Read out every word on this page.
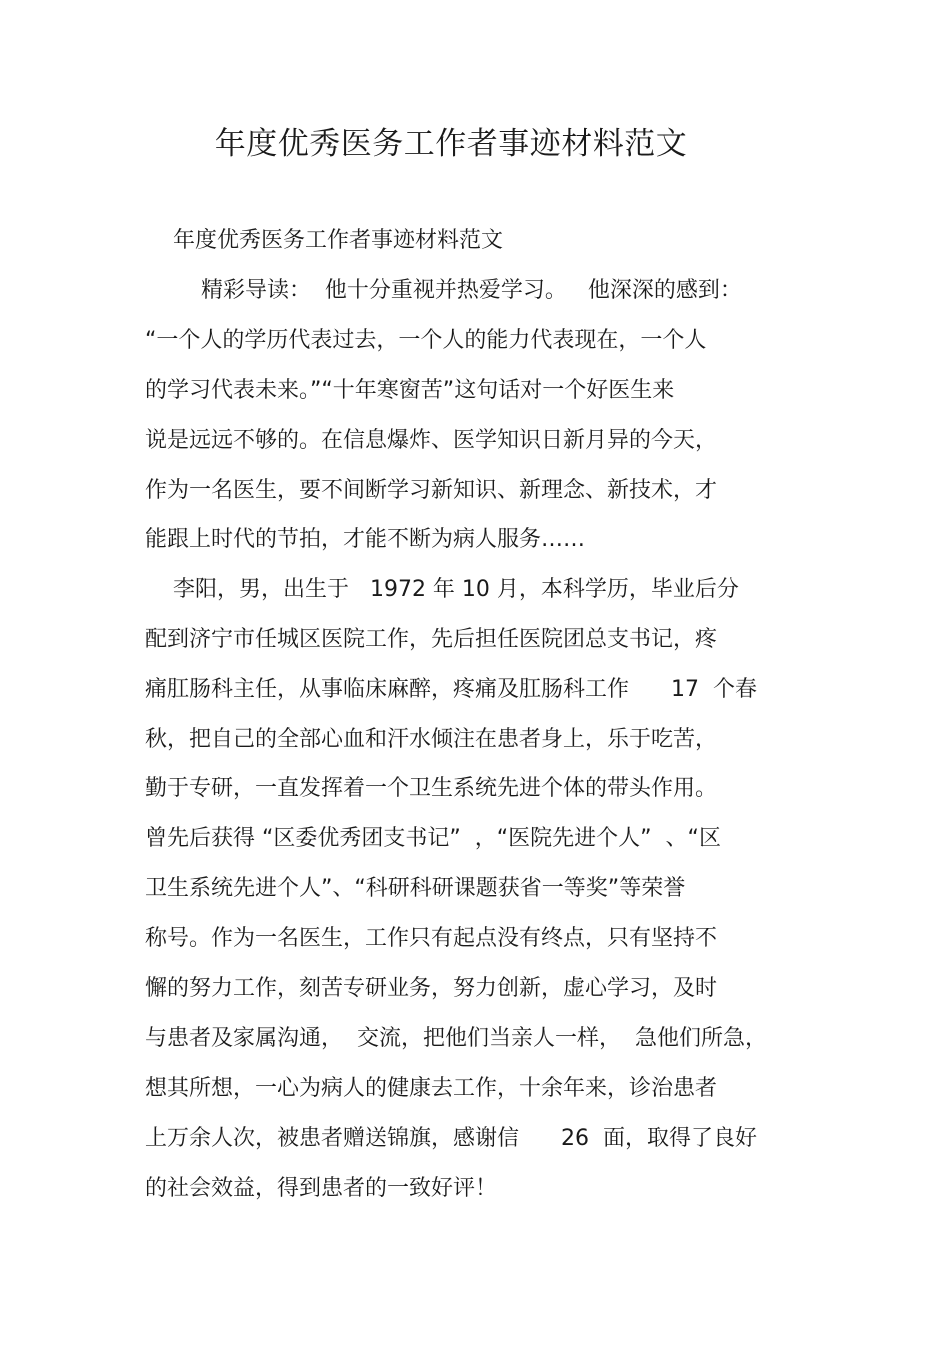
年度优秀医务工作者事迹材料范文

年度优秀医务工作者事迹材料范文

精彩导读：  他十分重视并热爱学习。   他深深的感到：

“一个人的学历代表过去，一个人的能力代表现在，一个人

的学习代表未来。”“十年寒窗苦”这句话对一个好医生来

说是远远不够的。在信息爆炸、医学知识日新月异的今天，

作为一名医生，要不间断学习新知识、新理念、新技术，才

能跟上时代的节拍，才能不断为病人服务……

李阳，男，出生于   1972 年 10 月，本科学历，毕业后分

配到济宁市任城区医院工作，先后担任医院团总支书记，疼

痛肛肠科主任，从事临床麻醉，疼痛及肛肠科工作      17  个春

秋，把自己的全部心血和汗水倾注在患者身上，乐于吃苦，

勤于专研，一直发挥着一个卫生系统先进个体的带头作用。

曾先后获得 “区委优秀团支书记”  ，“医院先进个人”  、“区

卫生系统先进个人”、“科研科研课题获省一等奖”等荣誉

称号。作为一名医生，工作只有起点没有终点，只有坚持不

懈的努力工作，刻苦专研业务，努力创新，虚心学习，及时

与患者及家属沟通，  交流，把他们当亲人一样，  急他们所急，

想其所想，一心为病人的健康去工作，十余年来，诊治患者

上万余人次，被患者赠送锦旗，感谢信      26  面，取得了良好

的社会效益，得到患者的一致好评！
